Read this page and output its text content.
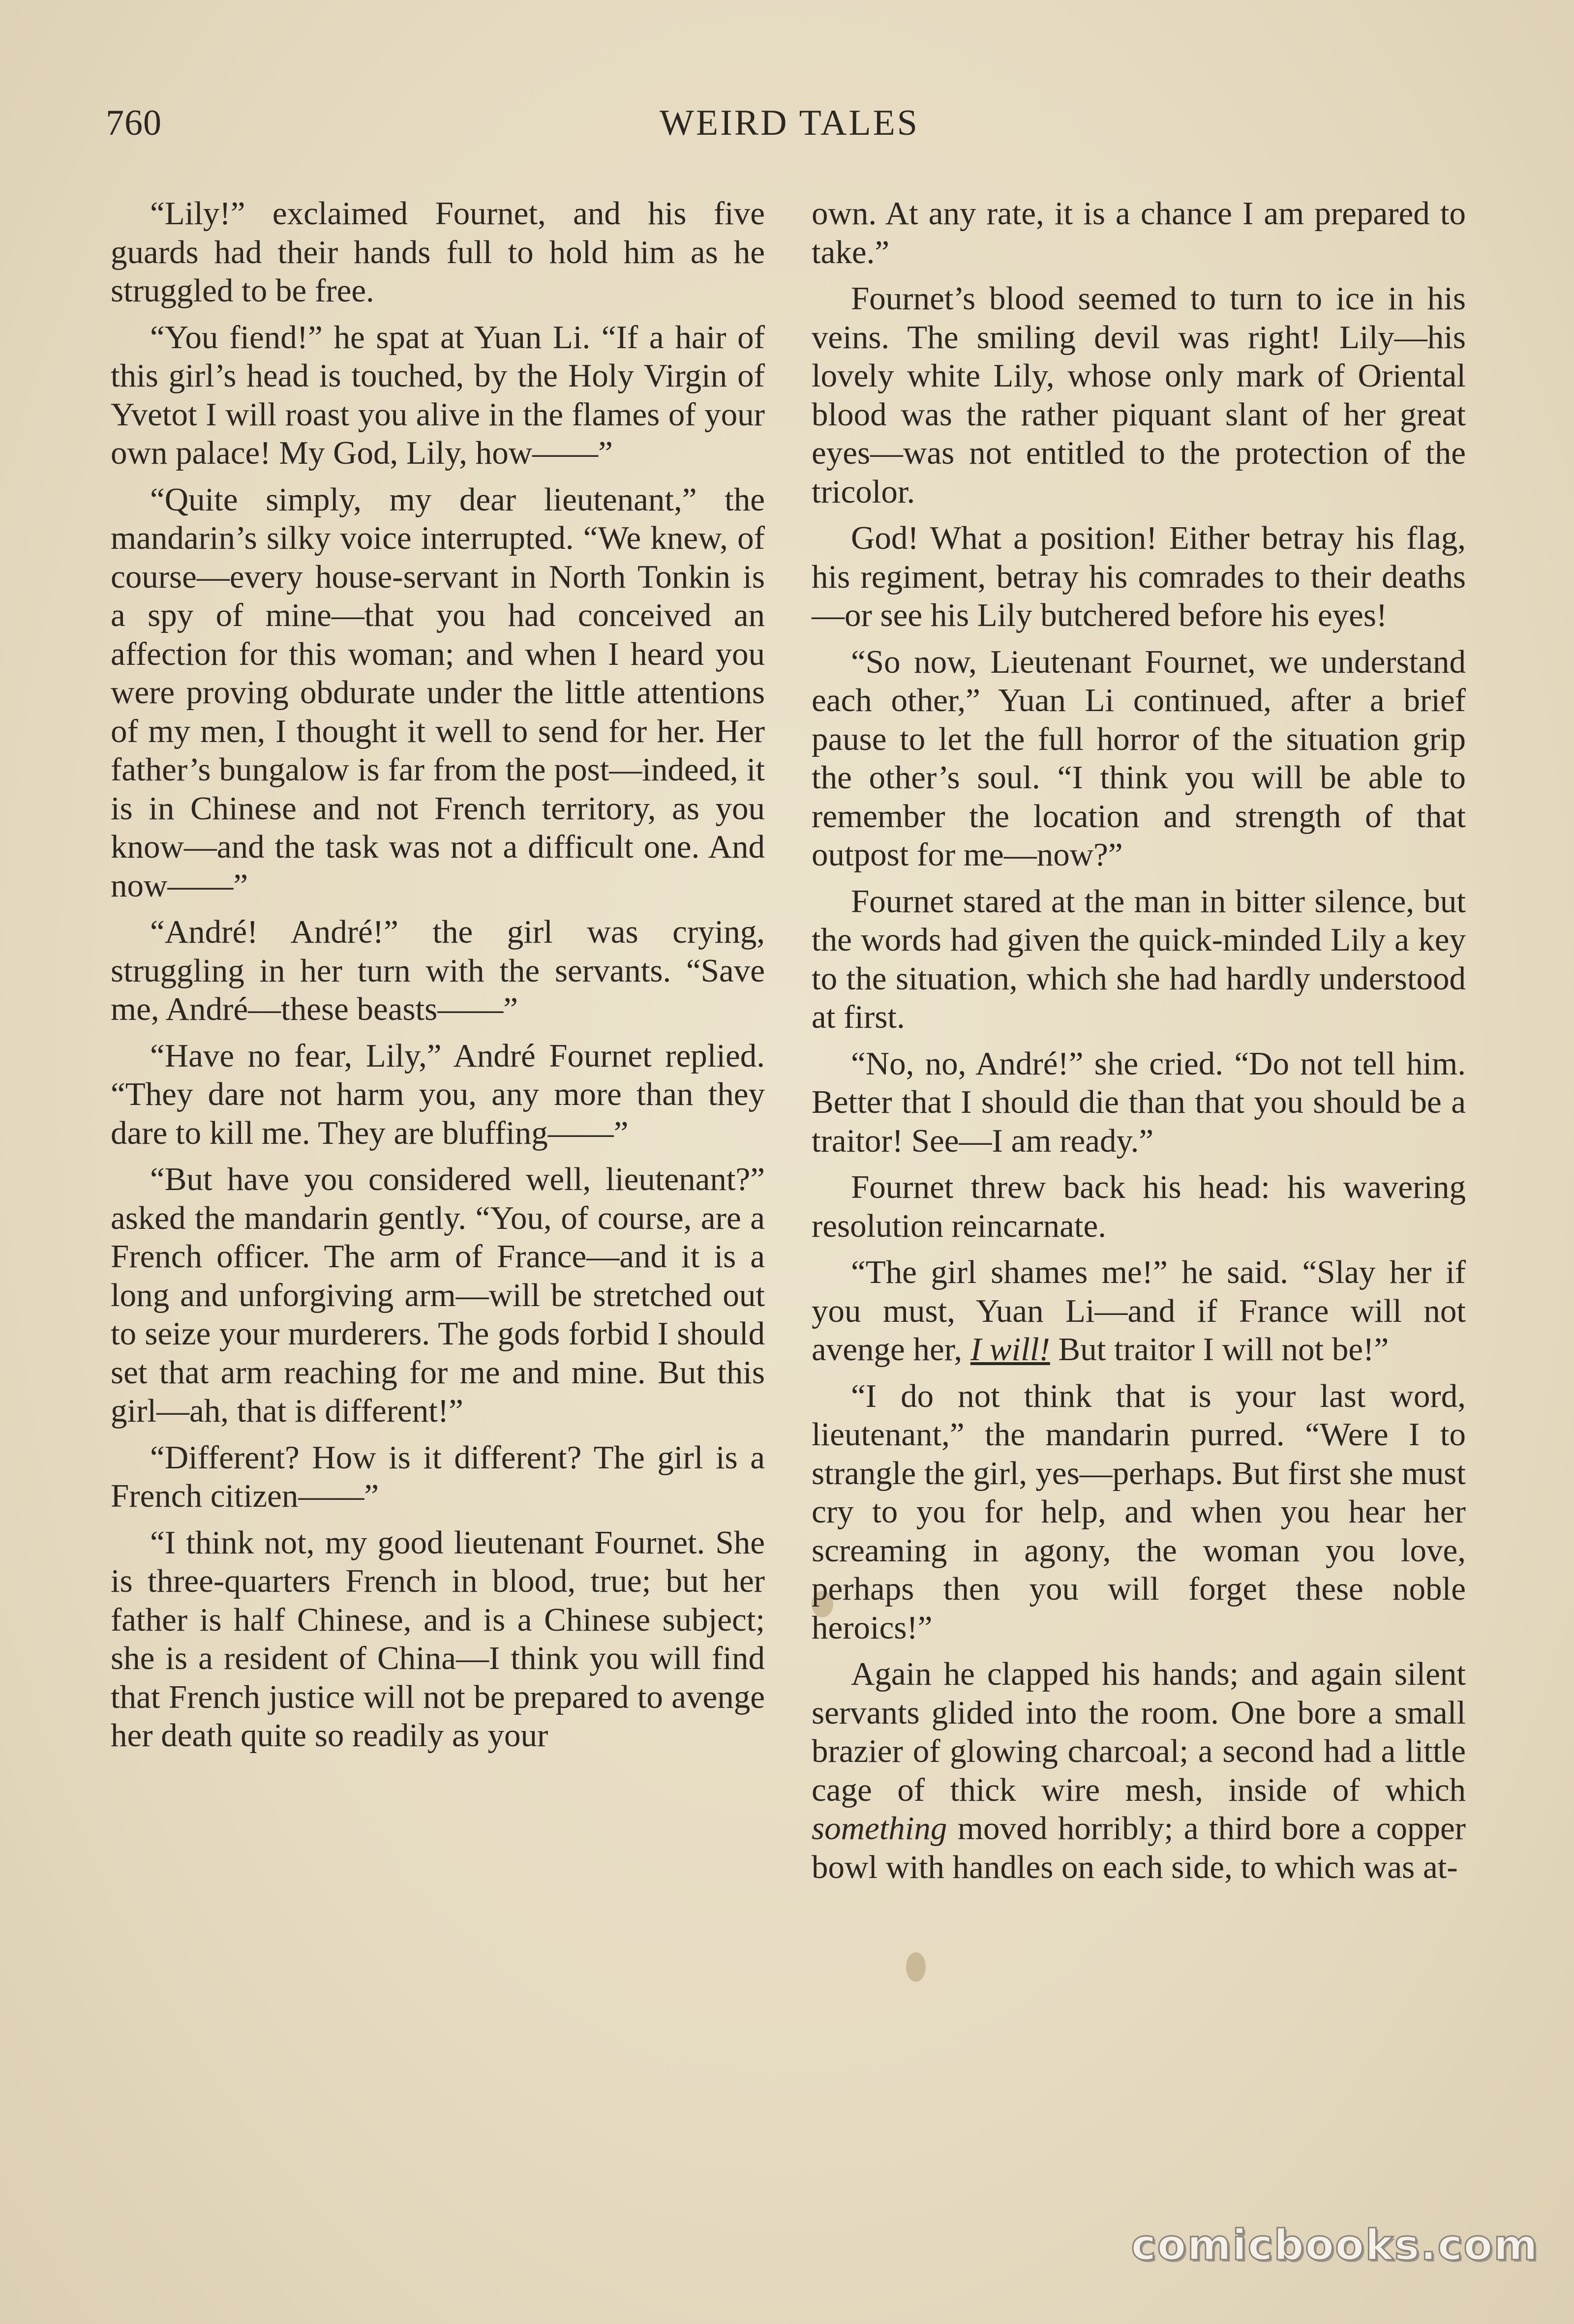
760	WEIRD TALES

“Lily!” exclaimed Fournet, and his five guards had their hands full to hold him as he struggled to be free.

“You fiend!” he spat at Yuan Li. “If a hair of this girl’s head is touched, by the Holy Virgin of Yvetot I will roast you alive in the flames of your own palace! My God, Lily, how——”

“Quite simply, my dear lieutenant,” the mandarin’s silky voice interrupted. “We knew, of course—every house-servant in North Tonkin is a spy of mine—that you had conceived an affection for this woman; and when I heard you were proving obdurate under the little attentions of my men, I thought it well to send for her. Her father’s bungalow is far from the post—indeed, it is in Chinese and not French territory, as you know—and the task was not a difficult one. And now——”

“André! André!” the girl was crying, struggling in her turn with the servants. “Save me, André—these beasts——”

“Have no fear, Lily,” André Fournet replied. “They dare not harm you, any more than they dare to kill me. They are bluffing——”

“But have you considered well, lieutenant?” asked the mandarin gently. “You, of course, are a French officer. The arm of France—and it is a long and unforgiving arm—will be stretched out to seize your murderers. The gods forbid I should set that arm reaching for me and mine. But this girl—ah, that is different!”

“Different? How is it different? The girl is a French citizen——”

“I think not, my good lieutenant Fournet. She is three-quarters French in blood, true; but her father is half Chinese, and is a Chinese subject; she is a resident of China—I think you will find that French justice will not be prepared to avenge her death quite so readily as your

own. At any rate, it is a chance I am prepared to take.”

Fournet’s blood seemed to turn to ice in his veins. The smiling devil was right! Lily—his lovely white Lily, whose only mark of Oriental blood was the rather piquant slant of her great eyes—was not entitled to the protection of the tricolor.

God! What a position! Either betray his flag, his regiment, betray his comrades to their deaths—or see his Lily butchered before his eyes!

“So now, Lieutenant Fournet, we understand each other,” Yuan Li continued, after a brief pause to let the full horror of the situation grip the other’s soul. “I think you will be able to remember the location and strength of that outpost for me—now?”

Fournet stared at the man in bitter silence, but the words had given the quick-minded Lily a key to the situation, which she had hardly understood at first.

“No, no, André!” she cried. “Do not tell him. Better that I should die than that you should be a traitor! See—I am ready.”

Fournet threw back his head: his wavering resolution reincarnate.

“The girl shames me!” he said. “Slay her if you must, Yuan Li—and if France will not avenge her, I will! But traitor I will not be!”

“I do not think that is your last word, lieutenant,” the mandarin purred. “Were I to strangle the girl, yes—perhaps. But first she must cry to you for help, and when you hear her screaming in agony, the woman you love, perhaps then you will forget these noble heroics!”

Again he clapped his hands; and again silent servants glided into the room. One bore a small brazier of glowing charcoal; a second had a little cage of thick wire mesh, inside of which something moved horribly; a third bore a copper bowl with handles on each side, to which was at-

comicbooks.com
